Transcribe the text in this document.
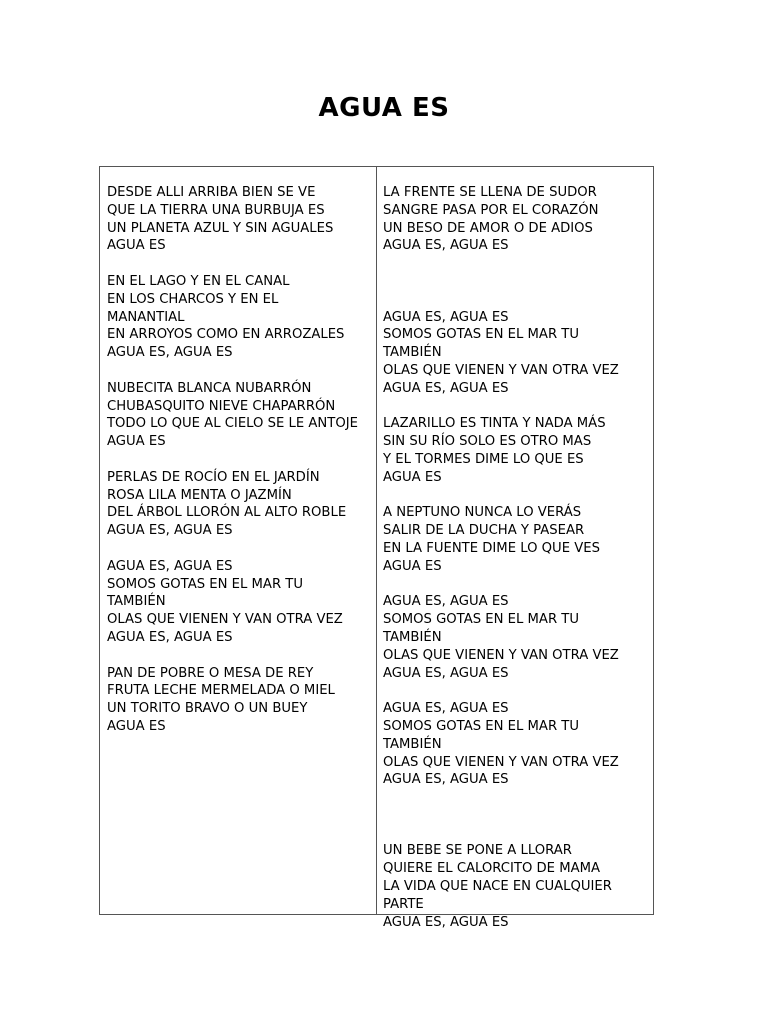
AGUA ES
DESDE ALLI ARRIBA BIEN SE VE
QUE LA TIERRA UNA BURBUJA ES
UN PLANETA AZUL Y SIN AGUALES
AGUA ES
EN EL LAGO Y EN EL CANAL
EN LOS CHARCOS Y EN EL
MANANTIAL
EN ARROYOS COMO EN ARROZALES
AGUA ES, AGUA ES
NUBECITA BLANCA NUBARRÓN
CHUBASQUITO NIEVE CHAPARRÓN
TODO LO QUE AL CIELO SE LE ANTOJE
AGUA ES
PERLAS DE ROCÍO EN EL JARDÍN
ROSA LILA MENTA O JAZMÍN
DEL ÁRBOL LLORÓN AL ALTO ROBLE
AGUA ES, AGUA ES
AGUA ES, AGUA ES
SOMOS GOTAS EN EL MAR TU
TAMBIÉN
OLAS QUE VIENEN Y VAN OTRA VEZ
AGUA ES, AGUA ES
PAN DE POBRE O MESA DE REY
FRUTA LECHE MERMELADA O MIEL
UN TORITO BRAVO O UN BUEY
AGUA ES
LA FRENTE SE LLENA DE SUDOR
SANGRE PASA POR EL CORAZÓN
UN BESO DE AMOR O DE ADIOS
AGUA ES, AGUA ES
AGUA ES, AGUA ES
SOMOS GOTAS EN EL MAR TU
TAMBIÉN
OLAS QUE VIENEN Y VAN OTRA VEZ
AGUA ES, AGUA ES
LAZARILLO ES TINTA Y NADA MÁS
SIN SU RÍO SOLO ES OTRO MAS
Y EL TORMES DIME LO QUE ES
AGUA ES
A NEPTUNO NUNCA LO VERÁS
SALIR DE LA DUCHA Y PASEAR
EN LA FUENTE DIME LO QUE VES
AGUA ES
AGUA ES, AGUA ES
SOMOS GOTAS EN EL MAR TU
TAMBIÉN
OLAS QUE VIENEN Y VAN OTRA VEZ
AGUA ES, AGUA ES
AGUA ES, AGUA ES
SOMOS GOTAS EN EL MAR TU
TAMBIÉN
OLAS QUE VIENEN Y VAN OTRA VEZ
AGUA ES, AGUA ES
UN BEBE SE PONE A LLORAR
QUIERE EL CALORCITO DE MAMA
LA VIDA QUE NACE EN CUALQUIER
PARTE
AGUA ES, AGUA ES
